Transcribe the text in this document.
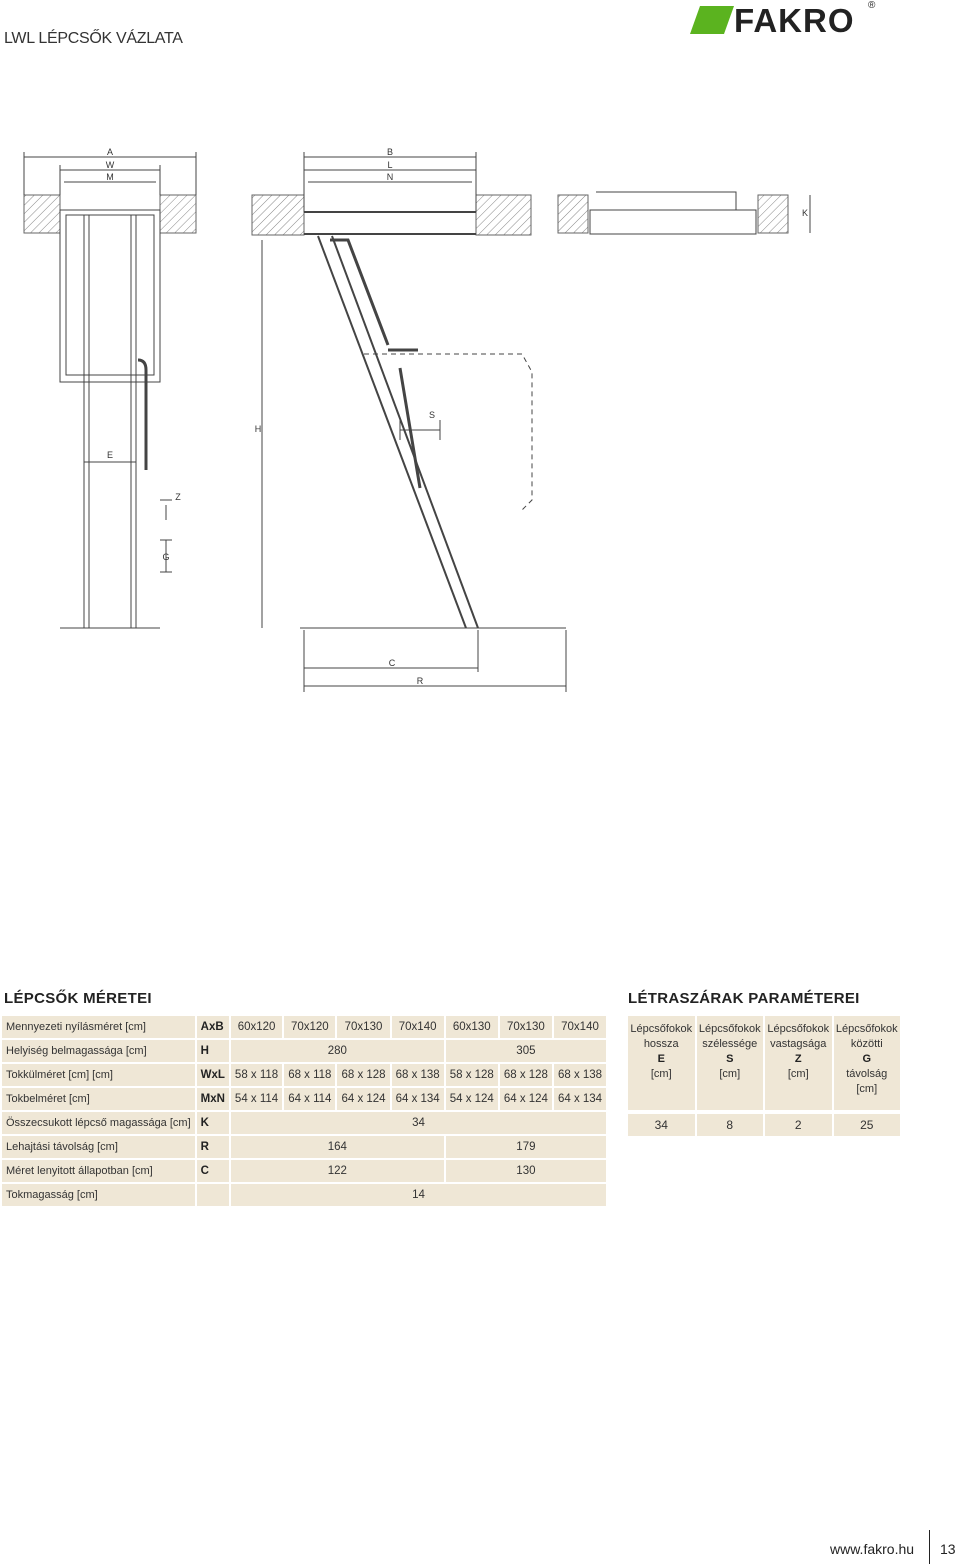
LWL LÉPCSŐK VÁZLATA	FAKRO ®
A
W
M
B
L
N
K
H
E
Z
G
S
C
R
LÉPCSŐK MÉRETEI
Mennyezeti nyílásméret [cm]	AxB	60x120	70x120	70x130	70x140	60x130	70x130	70x140
Helyiség belmagassága [cm]	H	280				305		
Tokkülméret [cm] [cm]	WxL	58 x 118	68 x 118	68 x 128	68 x 138	58 x 128	68 x 128	68 x 138
Tokbelméret [cm]	MxN	54 x 114	64 x 114	64 x 124	64 x 134	54 x 124	64 x 124	64 x 134
Összecsukott lépcső magassága [cm]	K	34						
Lehajtási távolság [cm]	R	164				179		
Méret lenyitott állapotban [cm]	C	122				130		
Tokmagasság [cm]		14						
LÉTRASZÁRAK PARAMÉTEREI
Lépcsőfokok
hossza
E
[cm]
Lépcsőfokok
szélessége
S
[cm]
Lépcsőfokok
vastagsága
Z
[cm]
Lépcsőfokok
közötti
G
távolság
[cm]
34	8	2	25
www.fakro.hu 13
